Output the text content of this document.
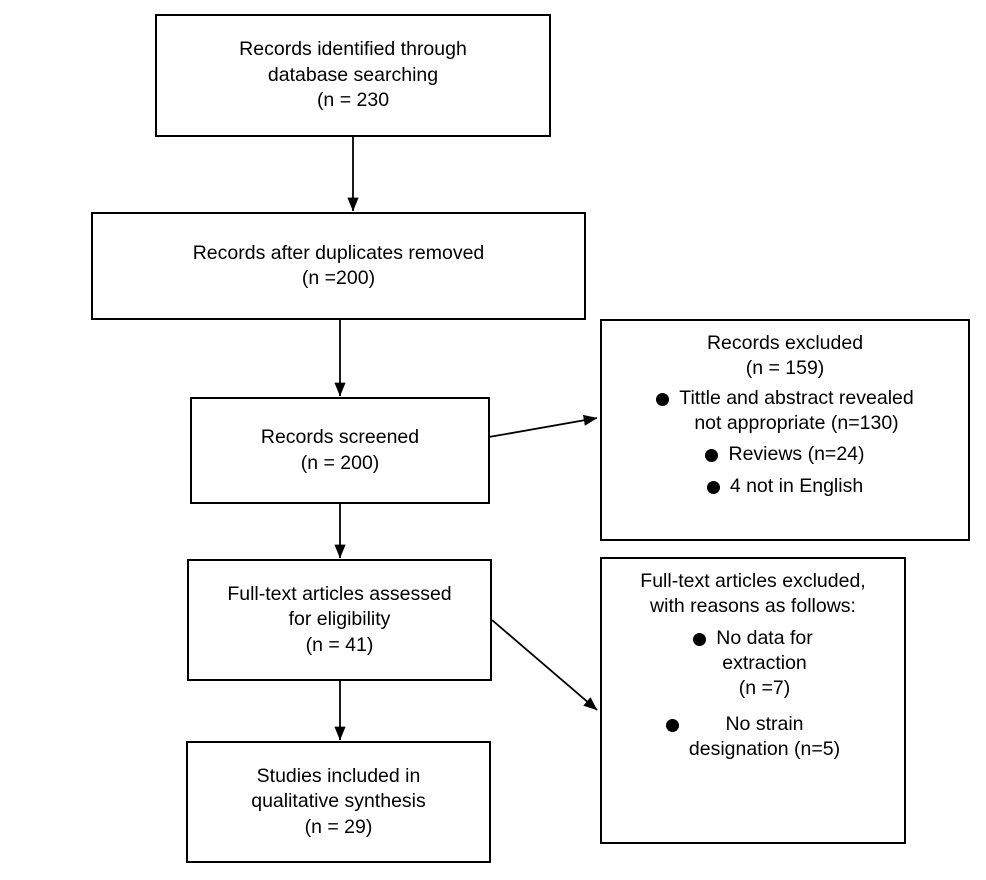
Records identified through
database searching
(n = 230
Records after duplicates removed
(n =200)
Records screened
(n = 200)
Full-text articles assessed
for eligibility
(n = 41)
Studies included in
qualitative synthesis
(n = 29)
Records excluded
(n = 159)
Tittle and abstract revealed
not appropriate (n=130)
Reviews (n=24)
4 not in English
Full-text articles excluded,
with reasons as follows:
No data for
extraction
(n =7)
No strain
designation (n=5)
